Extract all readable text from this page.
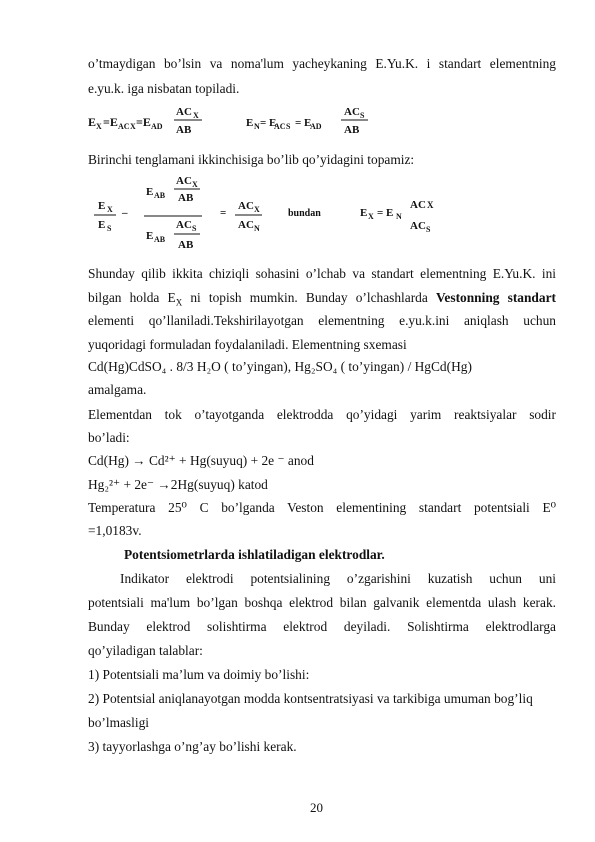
o’tmaydigan bo’lsin va noma'lum yacheykaning E.Yu.K. i standart elementning
e.yu.k. iga nisbatan topiladi.
E X =E AC X =E AD
AC X
AB
E N = E
AC S = E
AD
AC S
AB
Birinchi tenglamani ikkinchisiga bo’lib qo’yidagini topamiz:
E X
E S
–
E AB
AC X
AB
E AB
AC S
AB
=
AC X
AC N
bundan	E X = E N
AC X
AC S
Shunday qilib ikkita chiziqli sohasini o’lchab va standart elementning E.Yu.K. ini
bilgan holda $E_X$ ni topish mumkin. Bunday o’lchashlarda Vestonning standart
elementi qo’llaniladi.Tekshirilayotgan elementning e.yu.k.ini aniqlash uchun
yuqoridagi formuladan foydalaniladi. Elementning sxemasi
Cd(Hg)CdSO₄ . 8/3 H₂O ( to’yingan), Hg₂SO₄ ( to’yingan) / HgCd(Hg)
amalgama.
Elementdan tok o’tayotganda elektrodda qo’yidagi yarim reaktsiyalar sodir
bo’ladi:
Cd(Hg) → Cd²⁺ + Hg(suyuq) + 2e ⁻ anod
Hg₂²⁺ + 2e⁻ →2Hg(suyuq) katod
Temperatura 25⁰ C bo’lganda Veston elementining standart potentsiali E⁰
=1,0183v.
Potentsiometrlarda ishlatiladigan elektrodlar.
Indikator elektrodi potentsialining o’zgarishini kuzatish uchun uni
potentsiali ma'lum bo’lgan boshqa elektrod bilan galvanik elementda ulash kerak.
Bunday elektrod solishtirma elektrod deyiladi. Solishtirma elektrodlarga
qo’yiladigan talablar:
1) Potentsiali ma’lum va doimiy bo’lishi:
2) Potentsial aniqlanayotgan modda kontsentratsiyasi va tarkibiga umuman bog’liq
bo’lmasligi
3) tayyorlashga o’ng’ay bo’lishi kerak.
20
